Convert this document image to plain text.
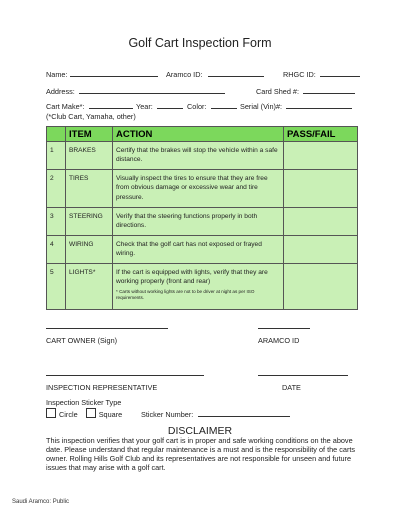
Golf Cart Inspection Form
Name:	Aramco ID:	RHGC ID:
Address:	Card Shed #:
Cart Make*:	Year:	Color:	Serial (Vin)#:
(*Club Cart, Yamaha, other)
	ITEM	ACTION	PASS/FAIL
1	BRAKES	Certify that the brakes will stop the vehicle within a safe distance.	
2	TIRES	Visually inspect the tires to ensure that they are free from obvious damage or excessive wear and tire pressure.	
3	STEERING	Verify that the steering functions properly in both directions.	
4	WIRING	Check that the golf cart has not exposed or frayed wiring.	
5	LIGHTS*	If the cart is equipped with lights, verify that they are working properly (front and rear)
* Carts without working lights are not to be driver at night as per ISO requirements.	

CART OWNER (Sign)	ARAMCO ID
INSPECTION REPRESENTATIVE	DATE
Inspection Sticker Type
Circle	Square	Sticker Number:
DISCLAIMER
This inspection verifies that your golf cart is in proper and safe working conditions on the above date. Please understand that regular maintenance is a must and is the responsibility of the carts owner. Rolling Hills Golf Club and its representatives are not responsible for unseen and future issues that may arise with a golf cart.
Saudi Aramco: Public
